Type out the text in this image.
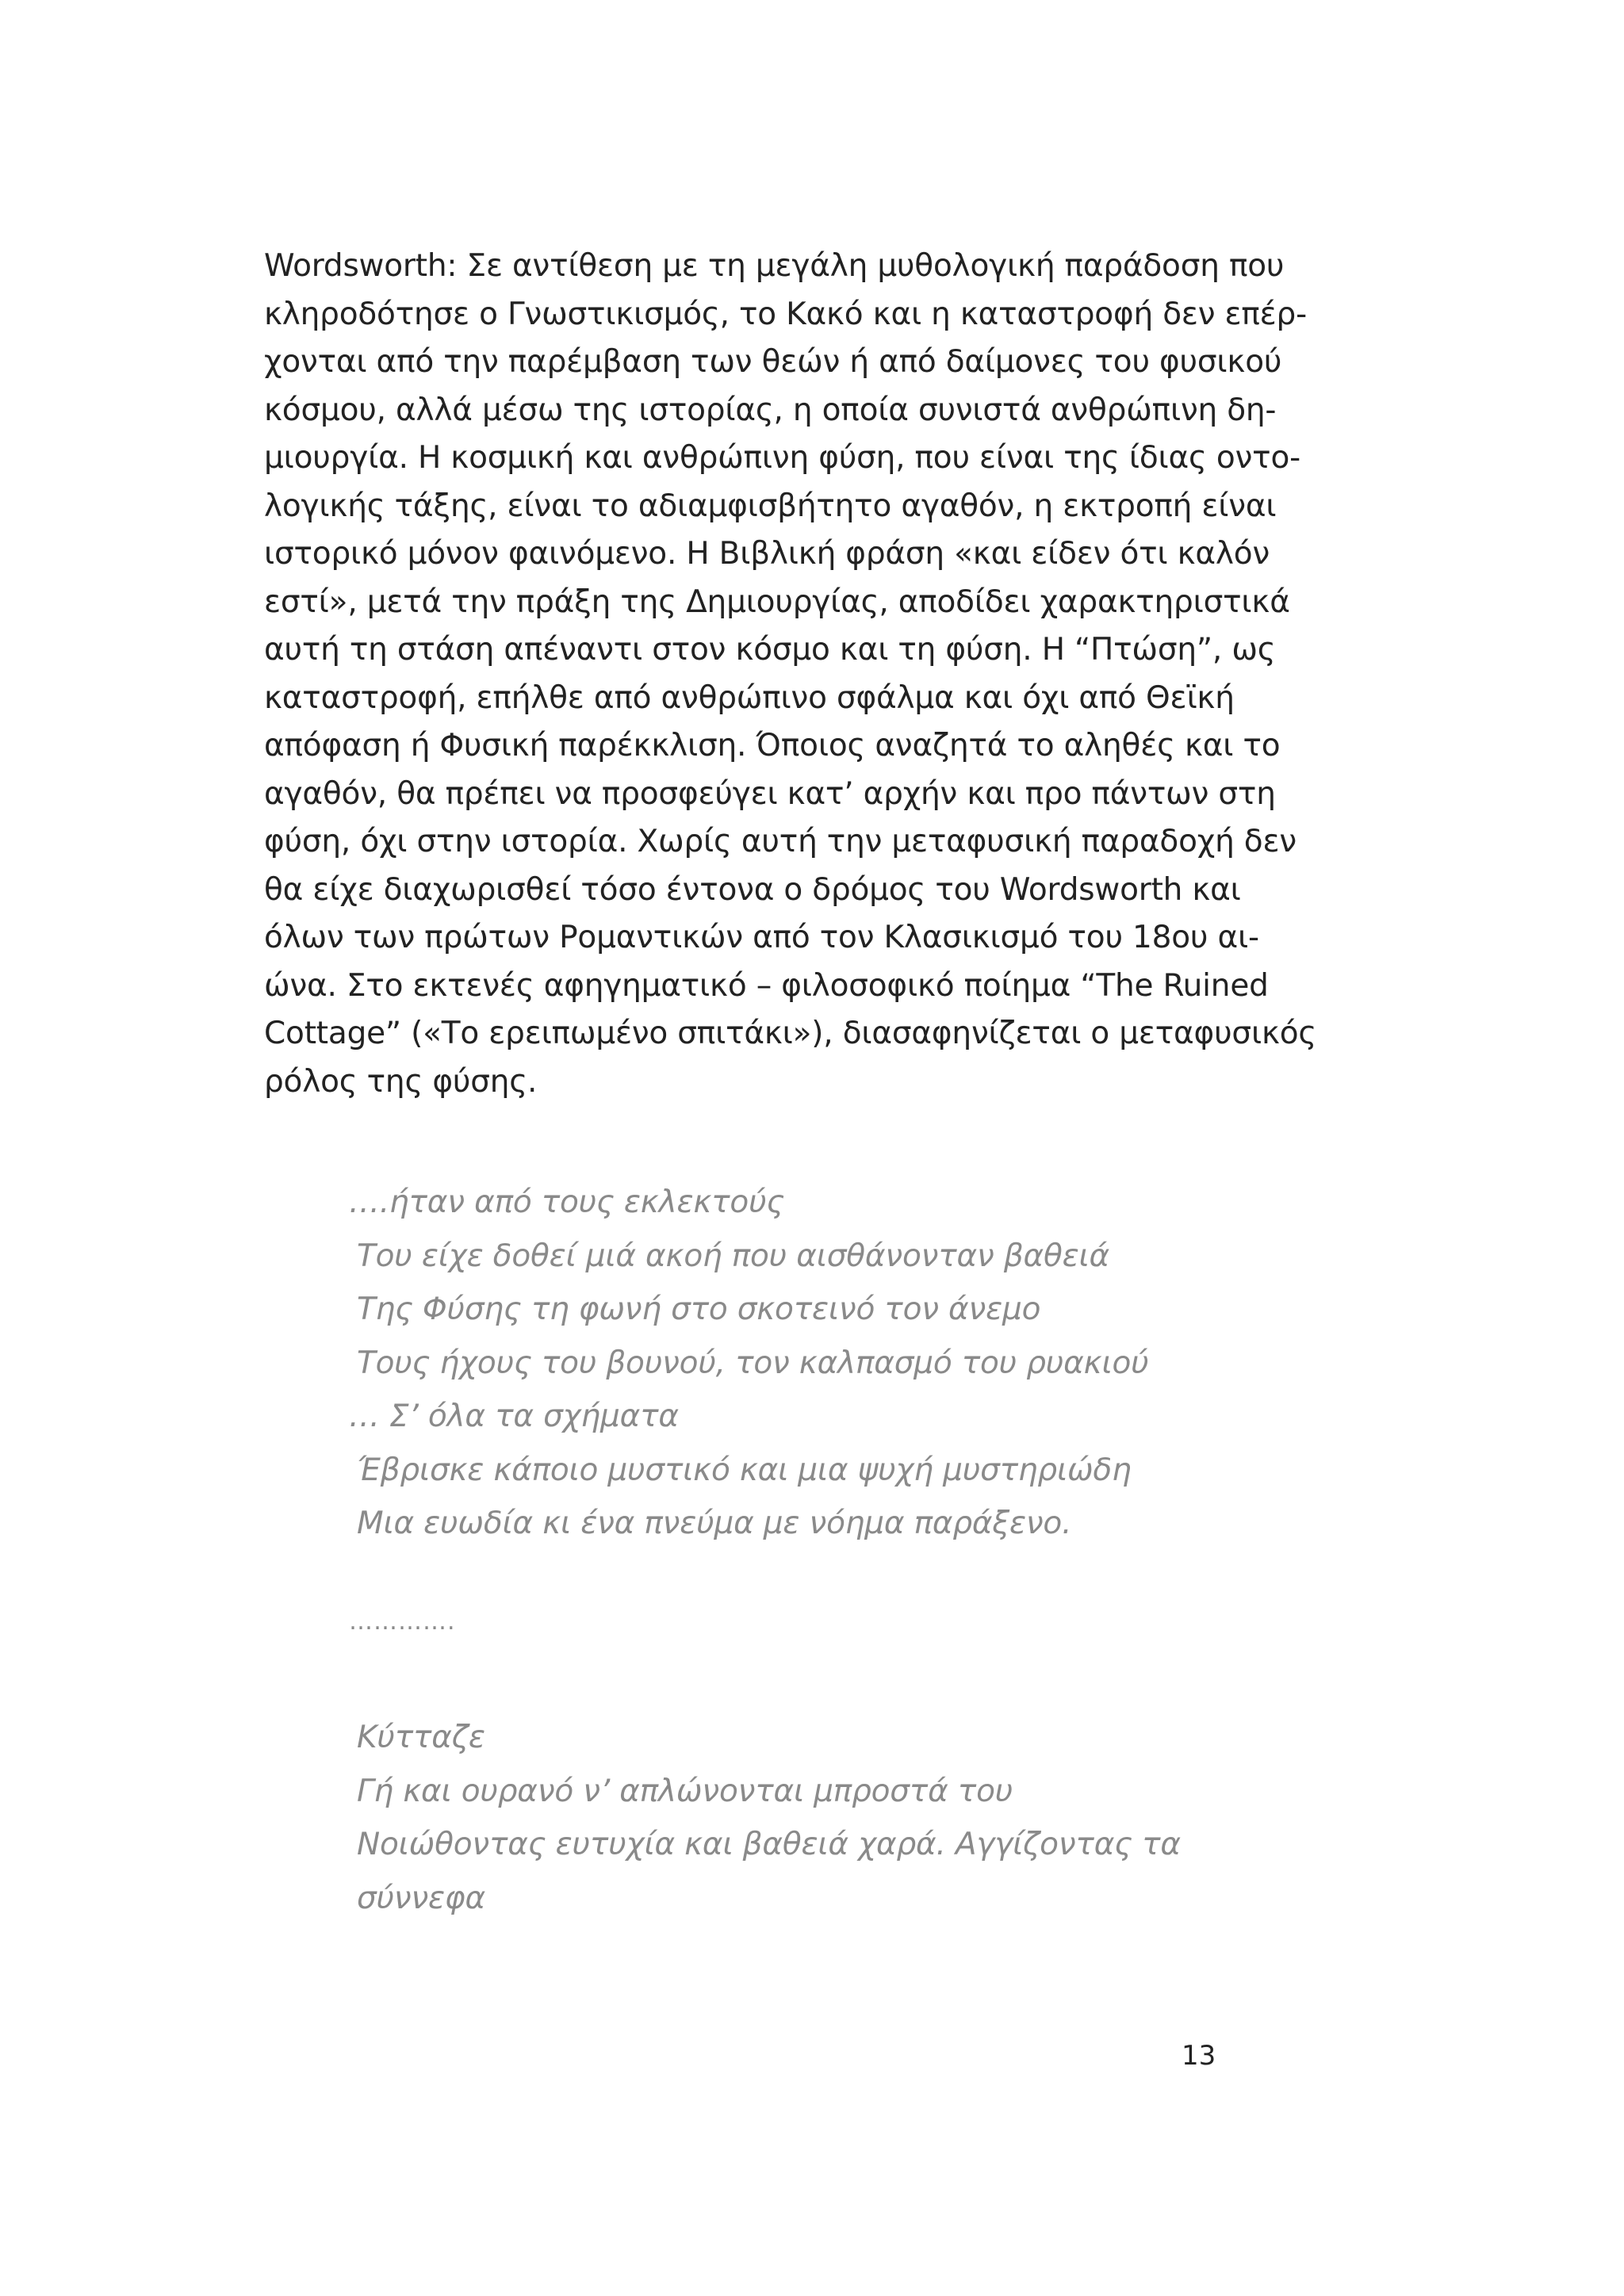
Wordsworth: Σε αντίθεση με τη μεγάλη μυθολογική παράδοση που
κληροδότησε ο Γνωστικισμός, το Κακό και η καταστροφή δεν επέρ-
χονται από την παρέμβαση των θεών ή από δαίμονες του φυσικού
κόσμου, αλλά μέσω της ιστορίας, η οποία συνιστά ανθρώπινη δη-
μιουργία. Η κοσμική και ανθρώπινη φύση, που είναι της ίδιας οντο-
λογικής τάξης, είναι το αδιαμφισβήτητο αγαθόν, η εκτροπή είναι
ιστορικό μόνον φαινόμενο. Η Βιβλική φράση «και είδεν ότι καλόν
εστί», μετά την πράξη της Δημιουργίας, αποδίδει χαρακτηριστικά
αυτή τη στάση απέναντι στον κόσμο και τη φύση. Η “Πτώση”, ως
καταστροφή, επήλθε από ανθρώπινο σφάλμα και όχι από Θεϊκή
απόφαση ή Φυσική παρέκκλιση. Όποιος αναζητά το αληθές και το
αγαθόν, θα πρέπει να προσφεύγει κατ’ αρχήν και προ πάντων στη
φύση, όχι στην ιστορία. Χωρίς αυτή την μεταφυσική παραδοχή δεν
θα είχε διαχωρισθεί τόσο έντονα ο δρόμος του Wordsworth και
όλων των πρώτων Ρομαντικών από τον Κλασικισμό του 18ου αι-
ώνα. Στο εκτενές αφηγηματικό – φιλοσοφικό ποίημα “The Ruined
Cottage” («Το ερειπωμένο σπιτάκι»), διασαφηνίζεται ο μεταφυσικός
ρόλος της φύσης.
….ήταν από τους εκλεκτούς
Του είχε δοθεί μιά ακοή που αισθάνονταν βαθειά
Της Φύσης τη φωνή στο σκοτεινό τον άνεμο
Τους ήχους του βουνού, τον καλπασμό του ρυακιού
… Σ’ όλα τα σχήματα
Έβρισκε κάποιο μυστικό και μια ψυχή μυστηριώδη
Μια ευωδία κι ένα πνεύμα με νόημα παράξενο.

………….

Κύτταζε
Γή και ουρανό ν’ απλώνονται μπροστά του
Νοιώθοντας ευτυχία και βαθειά χαρά. Αγγίζοντας τα
σύννεφα

13
